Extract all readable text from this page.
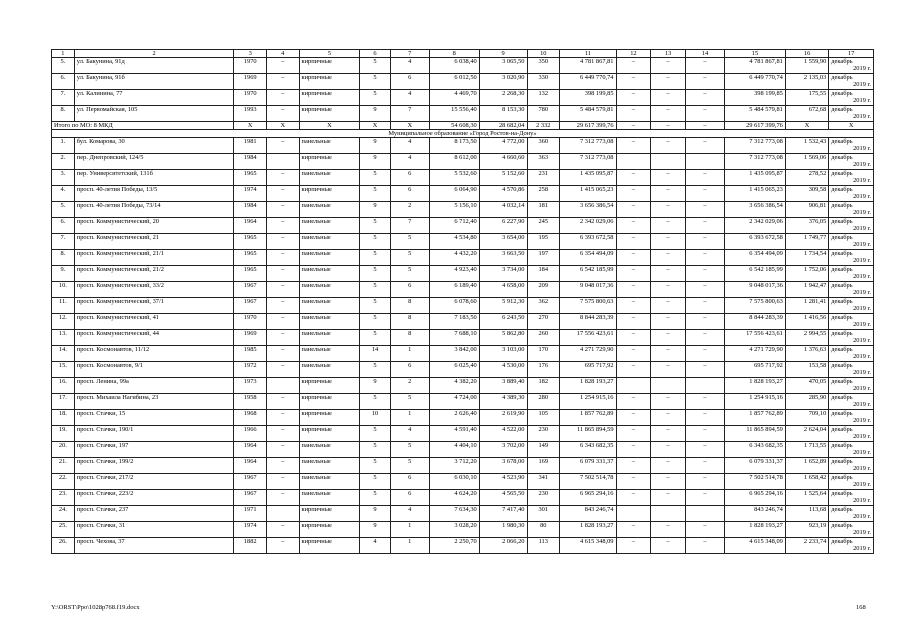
1	2	3	4	5	6	7	8	9	10	11	12	13	14	15	16	17
5.	ул. Бакунина, 91д	1970	–	кирпичные	5	4	6 038,40	3 065,50	350	4 781 867,81	–	–	–	4 781 867,81	1 559,90	декабрь
2019 г.

6.	ул. Бакунина, 91б	1969	–	кирпичные	5	6	6 012,50	3 020,90	330	6 449 770,74	–	–	–	6 449 770,74	2 135,03	декабрь
2019 г.

7.	ул. Калинина, 77	1970	–	кирпичные	5	4	4 469,70	2 268,30	132	398 199,85	–	–	–	398 199,85	175,55	декабрь
2019 г.

8.	ул. Первомайская, 105	1993	–	кирпичные	9	7	15 556,40	8 153,30	780	5 484 579,81	–	–	–	5 484 579,81	672,68	декабрь
2019 г.

Итого по МО: 8 МКД		X	X	X	X	X	54 608,30	28 682,04	2 332	29 617 399,76	–	–	–	29 617 399,76	X	X
Муниципальное образование «Город Ростов-на-Дону»																
1.	бул. Комарова, 30	1981	–	панельные	9	4	8 173,50	4 772,00	360	7 312 773,08	–	–	–	7 312 773,08	1 532,43	декабрь
2019 г.

2.	пер. Днепровский, 124/5	1984		кирпичные	9	4	8 612,00	4 660,60	363	7 312 773,08				7 312 773,08	1 569,06	декабрь
2019 г.

3.	пер. Университетский, 131б	1965	–	панельные	5	6	5 532,60	5 152,60	231	1 435 095,87	–	–	–	1 435 095,87	278,52	декабрь
2019 г.

4.	просп. 40-летия Победы, 13/5	1974	–	кирпичные	5	6	6 064,90	4 570,86	258	1 415 065,23	–	–	–	1 415 065,23	309,58	декабрь
2019 г.

5.	просп. 40-летия Победы, 73/14	1984	–	панельные	9	2	5 156,10	4 032,14	181	3 656 386,54	–	–	–	3 656 386,54	906,81	декабрь
2019 г.

6.	просп. Коммунистический, 20	1964	–	панельные	5	7	6 712,40	6 227,90	245	2 342 029,06	–	–	–	2 342 029,06	376,05	декабрь
2019 г.

7.	просп. Коммунистический, 21	1965	–	панельные	5	5	4 534,80	3 654,00	195	6 393 672,58	–	–	–	6 393 672,58	1 749,77	декабрь
2019 г.

8.	просп. Коммунистический, 21/1	1965	–	панельные	5	5	4 432,20	3 663,50	197	6 354 494,09	–	–	–	6 354 494,09	1 734,54	декабрь
2019 г.

9.	просп. Коммунистический, 21/2	1965	–	панельные	5	5	4 923,40	3 734,00	184	6 542 185,99	–	–	–	6 542 185,99	1 752,06	декабрь
2019 г.

10.	просп. Коммунистический, 33/2	1967	–	панельные	5	6	6 189,40	4 658,00	209	9 048 017,36	–	–	–	9 048 017,36	1 942,47	декабрь
2019 г.

11.	просп. Коммунистический, 37/1	1967	–	панельные	5	8	6 078,60	5 912,30	362	7 575 800,63	–	–	–	7 575 800,63	1 281,41	декабрь
2019 г.

12.	просп. Коммунистический, 41	1970	–	панельные	5	8	7 183,50	6 243,50	270	8 844 283,39	–	–	–	8 844 283,39	1 416,56	декабрь
2019 г.

13.	просп. Коммунистический, 44	1969	–	панельные	5	8	7 688,10	5 862,80	260	17 556 423,61	–	–	–	17 556 423,61	2 994,55	декабрь
2019 г.

14.	просп. Космонавтов, 11/12	1985	–	панельные	14	1	3 842,00	3 103,00	170	4 271 729,90	–	–	–	4 271 729,90	1 376,63	декабрь
2019 г.

15.	просп. Космонавтов, 9/1	1972	–	панельные	5	6	6 025,40	4 530,00	176	695 717,92	–	–	–	695 717,92	153,58	декабрь
2019 г.

16.	просп. Ленина, 99а	1973		кирпичные	9	2	4 382,20	3 889,40	182	1 828 193,27				1 828 193,27	470,05	декабрь
2019 г.

17.	просп. Михаила Нагибина, 23	1958	–	кирпичные	5	5	4 724,00	4 389,30	280	1 254 915,16	–	–	–	1 254 915,16	285,90	декабрь
2019 г.

18.	просп. Стачки, 15	1968	–	кирпичные	10	1	2 626,40	2 619,90	105	1 857 762,89	–	–	–	1 857 762,89	709,10	декабрь
2019 г.

19.	просп. Стачки, 190/1	1966	–	кирпичные	5	4	4 591,40	4 522,00	230	11 865 894,59	–	–	–	11 865 894,59	2 624,04	декабрь
2019 г.

20.	просп. Стачки, 197	1964	–	панельные	5	5	4 404,10	3 702,00	149	6 343 682,35	–	–	–	6 343 682,35	1 713,55	декабрь
2019 г.

21.	просп. Стачки, 199/2	1964	–	панельные	5	5	3 712,20	3 678,00	169	6 079 331,37	–	–	–	6 079 331,37	1 652,89	декабрь
2019 г.

22.	просп. Стачки, 217/2	1967	–	панельные	5	6	6 030,10	4 523,90	341	7 502 514,78	–	–	–	7 502 514,78	1 658,42	декабрь
2019 г.

23.	просп. Стачки, 223/2	1967	–	панельные	5	6	4 624,20	4 565,50	230	6 965 294,16	–	–	–	6 965 294,16	1 525,64	декабрь
2019 г.

24.	просп. Стачки, 237	1971		кирпичные	9	4	7 634,30	7 417,40	301	843 246,74				843 246,74	113,68	декабрь
2019 г.

25.	просп. Стачки, 31	1974	–	кирпичные	9	1	3 028,20	1 980,30	80	1 828 193,27	–	–	–	1 828 193,27	923,19	декабрь
2019 г.

26.	просп. Чехова, 37	1882	–	кирпичные	4	1	2 250,70	2 066,20	113	4 615 348,09	–	–	–	4 615 348,09	2 233,74	декабрь
2019 г.
Y:\ORST\Ppo\1028p768.f19.docx	168
